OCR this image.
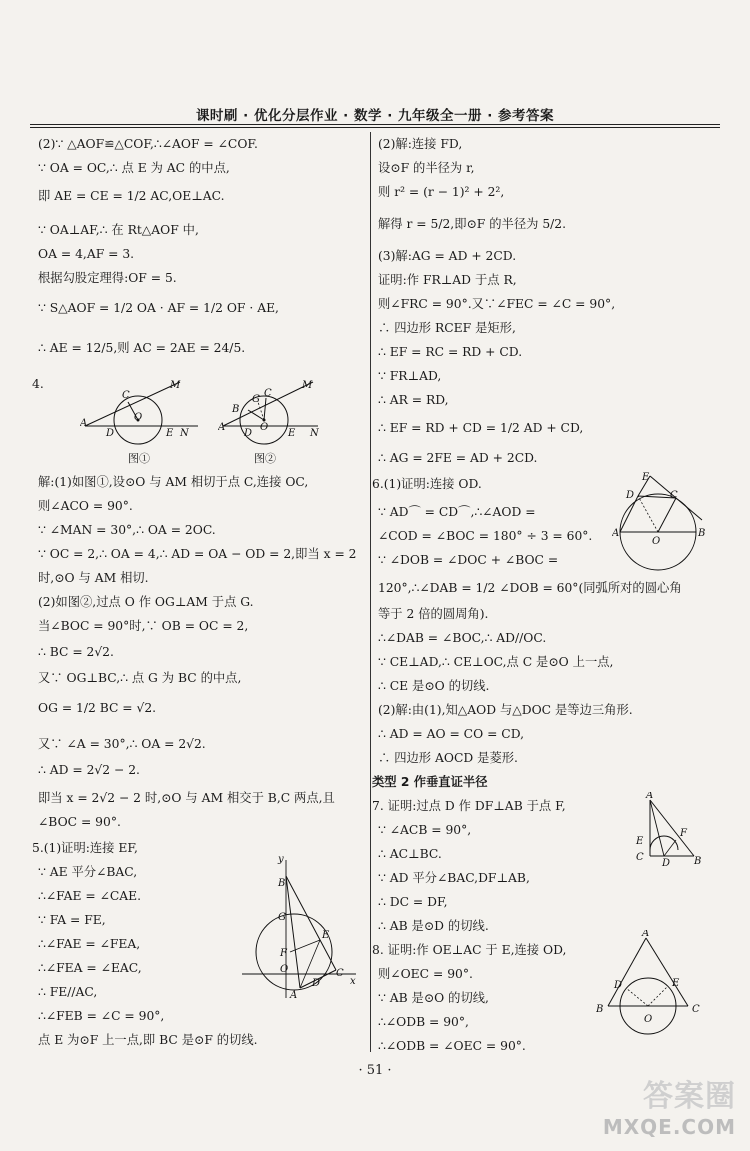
课时刷 · 优化分层作业 · 数学 · 九年级全一册 · 参考答案
(2)∵ △AOF≌△COF,∴∠AOF = ∠COF.
∵ OA = OC,∴ 点 E 为 AC 的中点,
即 AE = CE = 1/2 AC,OE⊥AC.
∵ OA⊥AF,∴ 在 Rt△AOF 中,
OA = 4,AF = 3.
根据勾股定理得:OF = 5.
∵ S△AOF = 1/2 OA · AF = 1/2 OF · AE,
∴ AE = 12/5,则 AC = 2AE = 24/5.
4.
解:(1)如图①,设⊙O 与 AM 相切于点 C,连接 OC,
则∠ACO = 90°.
∵ ∠MAN = 30°,∴ OA = 2OC.
∵ OC = 2,∴ OA = 4,∴ AD = OA − OD = 2,即当 x = 2
时,⊙O 与 AM 相切.
(2)如图②,过点 O 作 OG⊥AM 于点 G.
当∠BOC = 90°时,∵ OB = OC = 2,
∴ BC = 2√2.
又∵ OG⊥BC,∴ 点 G 为 BC 的中点,
OG = 1/2 BC = √2.
又∵ ∠A = 30°,∴ OA = 2√2.
∴ AD = 2√2 − 2.
即当 x = 2√2 − 2 时,⊙O 与 AM 相交于 B,C 两点,且
∠BOC = 90°.
5.(1)证明:连接 EF,
∵ AE 平分∠BAC,
∴∠FAE = ∠CAE.
∵ FA = FE,
∴∠FAE = ∠FEA,
∴∠FEA = ∠EAC,
∴ FE//AC,
∴∠FEB = ∠C = 90°,
点 E 为⊙F 上一点,即 BC 是⊙F 的切线.
A
D
C
O
E N
M
图①
A
B
G
C
D
O
E N
M
图②
y
B
G
F
E
O
D
C
x
A
(2)解:连接 FD,
设⊙F 的半径为 r,
则 r² = (r − 1)² + 2²,
解得 r = 5/2,即⊙F 的半径为 5/2.
(3)解:AG = AD + 2CD.
证明:作 FR⊥AD 于点 R,
则∠FRC = 90°.又∵∠FEC = ∠C = 90°,
∴ 四边形 RCEF 是矩形,
∴ EF = RC = RD + CD.
∵ FR⊥AD,
∴ AR = RD,
∴ EF = RD + CD = 1/2 AD + CD,
∴ AG = 2FE = AD + 2CD.
6.(1)证明:连接 OD.
∵ AD⌒ = CD⌒,∴∠AOD =
∠COD = ∠BOC = 180° ÷ 3 = 60°.
∵ ∠DOB = ∠DOC + ∠BOC =
120°,∴∠DAB = 1/2 ∠DOB = 60°(同弧所对的圆心角
等于 2 倍的圆周角).
∴∠DAB = ∠BOC,∴ AD//OC.
∵ CE⊥AD,∴ CE⊥OC,点 C 是⊙O 上一点,
∴ CE 是⊙O 的切线.
(2)解:由(1),知△AOD 与△DOC 是等边三角形.
∴ AD = AO = CO = CD,
∴ 四边形 AOCD 是菱形.
类型 2 作垂直证半径
7. 证明:过点 D 作 DF⊥AB 于点 F,
∵ ∠ACB = 90°,
∴ AC⊥BC.
∵ AD 平分∠BAC,DF⊥AB,
∴ DC = DF,
∴ AB 是⊙D 的切线.
8. 证明:作 OE⊥AC 于 E,连接 OD,
则∠OEC = 90°.
∵ AB 是⊙O 的切线,
∴∠ODB = 90°,
∴∠ODB = ∠OEC = 90°.
E
D	C
A
O
B
A
E
C
D
F
B
A
D	E
B	C
O
· 51 ·
答案圈
MXQE.COM
